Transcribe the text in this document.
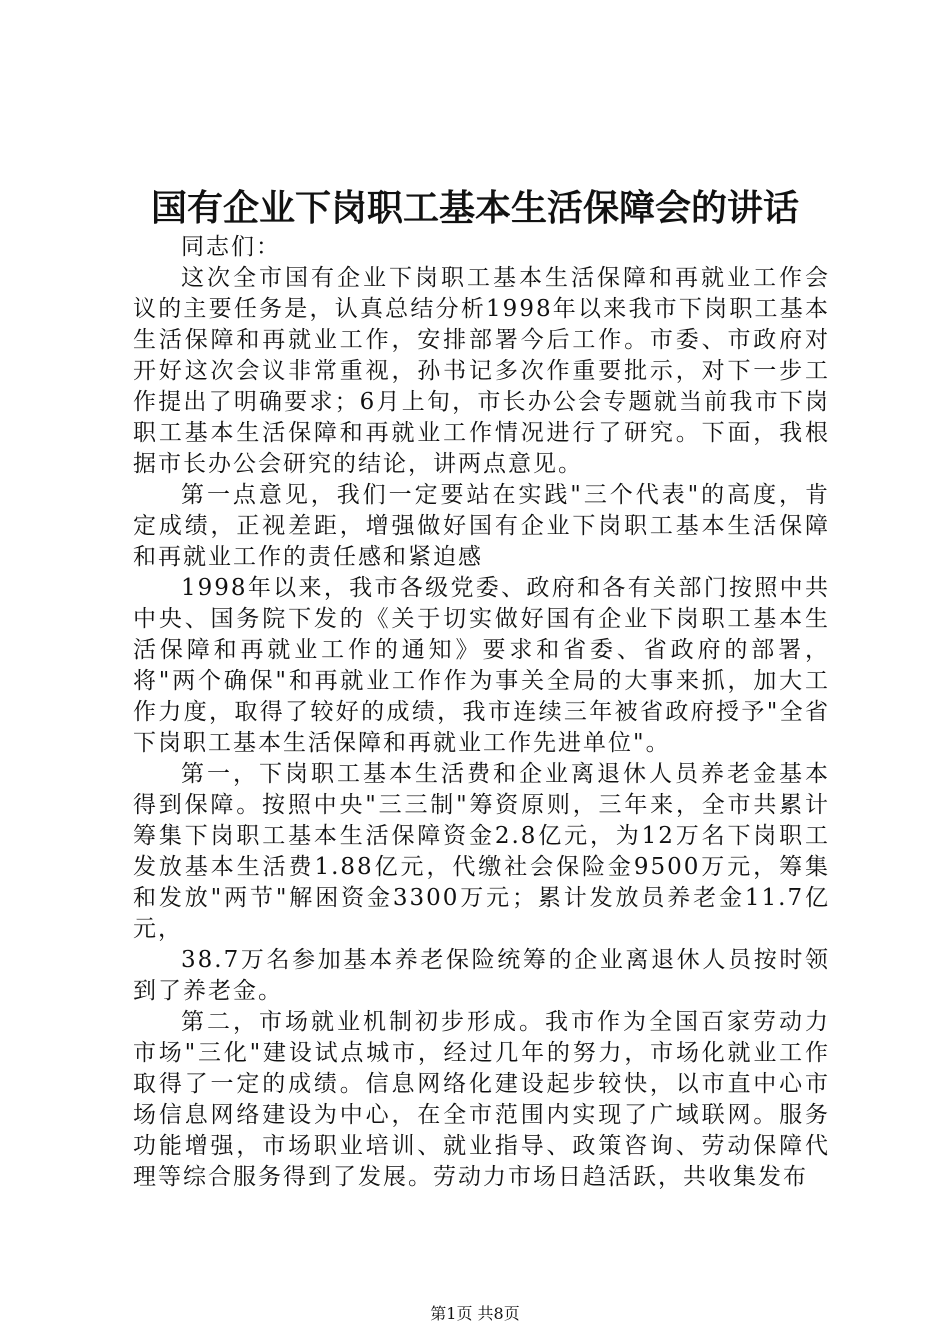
国有企业下岗职工基本生活保障会的讲话

同志们：

这次全市国有企业下岗职工基本生活保障和再就业工作会议的主要任务是，认真总结分析1998年以来我市下岗职工基本生活保障和再就业工作，安排部署今后工作。市委、市政府对开好这次会议非常重视，孙书记多次作重要批示，对下一步工作提出了明确要求；6月上旬，市长办公会专题就当前我市下岗职工基本生活保障和再就业工作情况进行了研究。下面，我根据市长办公会研究的结论，讲两点意见。

第一点意见，我们一定要站在实践"三个代表"的高度，肯定成绩，正视差距，增强做好国有企业下岗职工基本生活保障和再就业工作的责任感和紧迫感

1998年以来，我市各级党委、政府和各有关部门按照中共中央、国务院下发的《关于切实做好国有企业下岗职工基本生活保障和再就业工作的通知》要求和省委、省政府的部署，将"两个确保"和再就业工作作为事关全局的大事来抓，加大工作力度，取得了较好的成绩，我市连续三年被省政府授予"全省下岗职工基本生活保障和再就业工作先进单位"。

第一，下岗职工基本生活费和企业离退休人员养老金基本得到保障。按照中央"三三制"筹资原则，三年来，全市共累计筹集下岗职工基本生活保障资金2.8亿元，为12万名下岗职工发放基本生活费1.88亿元，代缴社会保险金9500万元，筹集和发放"两节"解困资金3300万元；累计发放员养老金11.7亿元，

38.7万名参加基本养老保险统筹的企业离退休人员按时领到了养老金。

第二，市场就业机制初步形成。我市作为全国百家劳动力市场"三化"建设试点城市，经过几年的努力，市场化就业工作取得了一定的成绩。信息网络化建设起步较快，以市直中心市场信息网络建设为中心，在全市范围内实现了广域联网。服务功能增强，市场职业培训、就业指导、政策咨询、劳动保障代理等综合服务得到了发展。劳动力市场日趋活跃，共收集发布

第1页 共8页
